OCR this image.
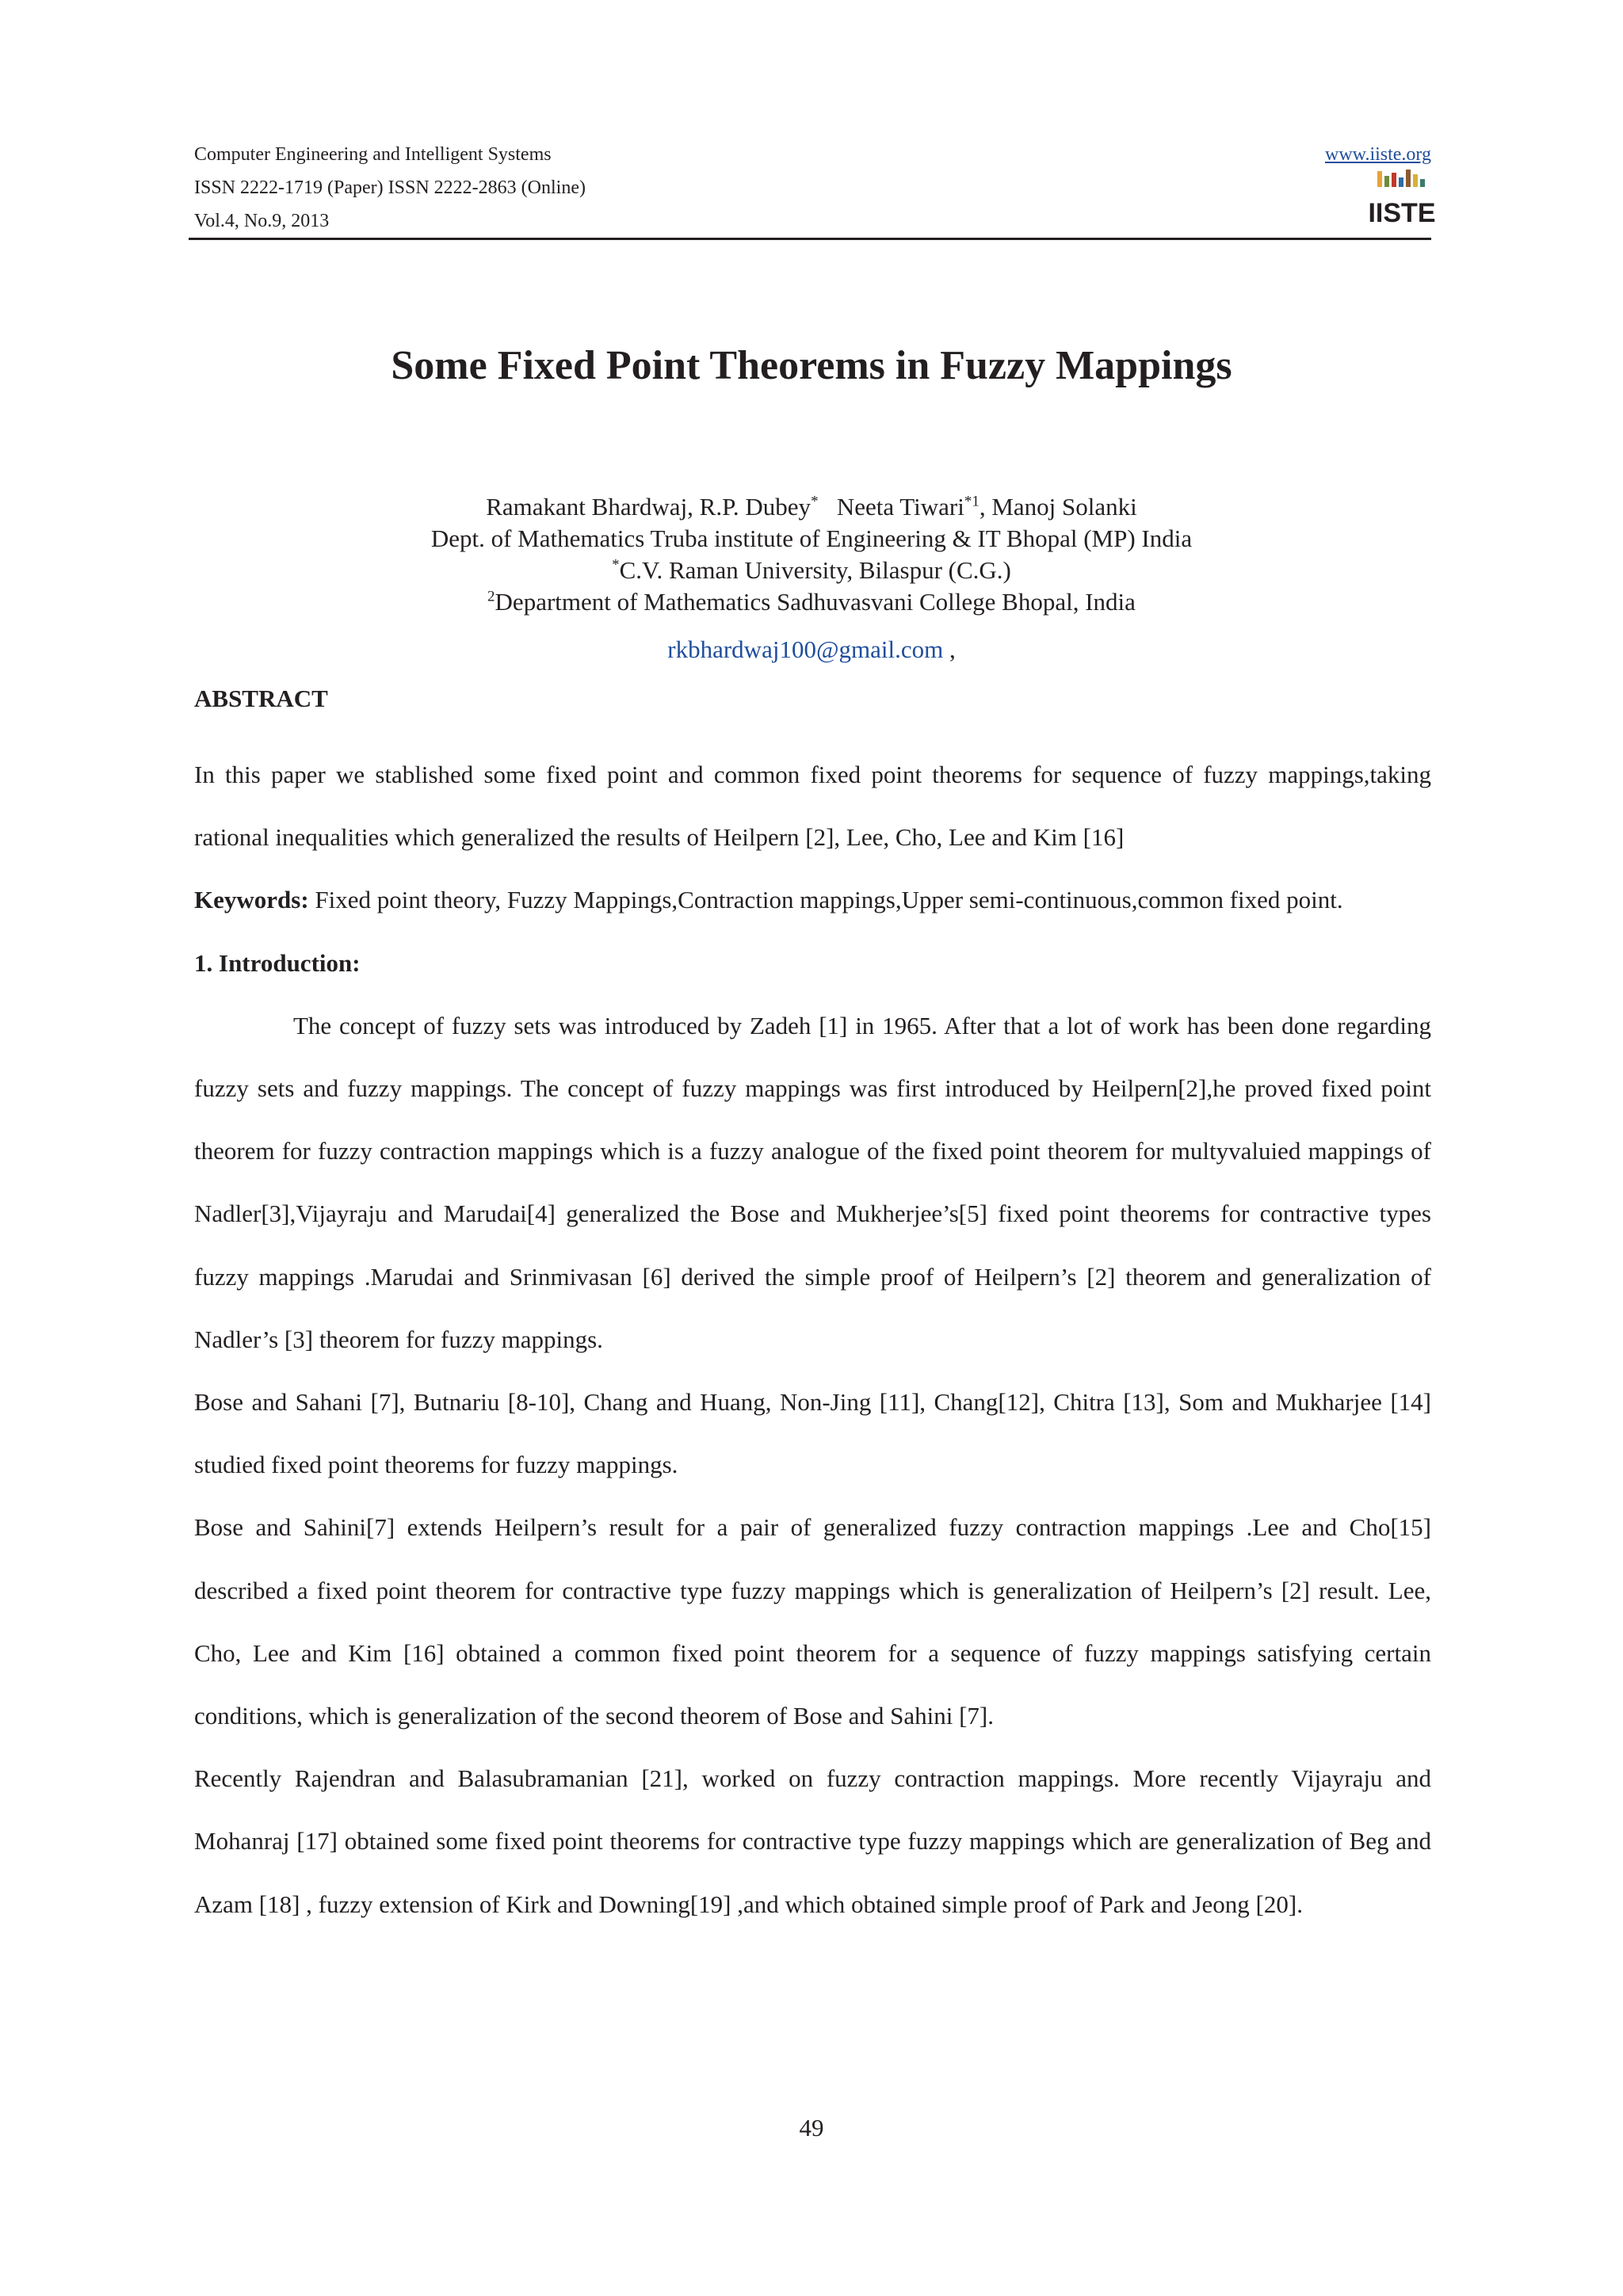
Computer Engineering and Intelligent Systems
ISSN 2222-1719 (Paper) ISSN 2222-2863 (Online)
Vol.4, No.9, 2013
www.iiste.org
IISTE
Some Fixed Point Theorems in Fuzzy Mappings
Ramakant Bhardwaj, R.P. Dubey*   Neeta Tiwari$^{*1}$, Manoj Solanki
Dept. of Mathematics Truba institute of Engineering & IT Bhopal (MP) India
*C.V. Raman University, Bilaspur (C.G.)
$^2$Department of Mathematics Sadhuvasvani College Bhopal, India
rkbhardwaj100@gmail.com ,
ABSTRACT

In this paper we stablished some fixed point and common fixed point theorems for sequence of fuzzy mappings,taking rational inequalities which generalized the results of Heilpern [2], Lee, Cho, Lee and Kim [16]

Keywords: Fixed point theory, Fuzzy Mappings,Contraction mappings,Upper semi-continuous,common fixed point.

1. Introduction:

The concept of fuzzy sets was introduced by Zadeh [1] in 1965. After that a lot of work has been done regarding fuzzy sets and fuzzy mappings. The concept of fuzzy mappings was first introduced by Heilpern[2],he proved fixed point theorem for fuzzy contraction mappings which is a fuzzy analogue of the fixed point theorem for multyvaluied mappings of Nadler[3],Vijayraju and Marudai[4] generalized the Bose and Mukherjee’s[5] fixed point theorems for contractive types fuzzy mappings .Marudai and Srinmivasan [6] derived the simple proof of Heilpern’s [2] theorem and generalization of Nadler’s [3] theorem for fuzzy mappings.

Bose and Sahani [7], Butnariu [8-10], Chang and Huang, Non-Jing [11], Chang[12], Chitra [13], Som and Mukharjee [14] studied fixed point theorems for fuzzy mappings.

Bose and Sahini[7] extends Heilpern’s result for a pair of generalized fuzzy contraction mappings .Lee and Cho[15] described a fixed point theorem for contractive type fuzzy mappings which is generalization of Heilpern’s [2] result. Lee, Cho, Lee and Kim [16] obtained a common fixed point theorem for a sequence of fuzzy mappings satisfying certain conditions, which is generalization of the second theorem of Bose and Sahini [7].

Recently Rajendran and Balasubramanian [21], worked on fuzzy contraction mappings. More recently Vijayraju and Mohanraj [17] obtained some fixed point theorems for contractive type fuzzy mappings which are generalization of Beg and Azam [18] , fuzzy extension of Kirk and Downing[19] ,and which obtained simple proof of Park and Jeong [20].

49
